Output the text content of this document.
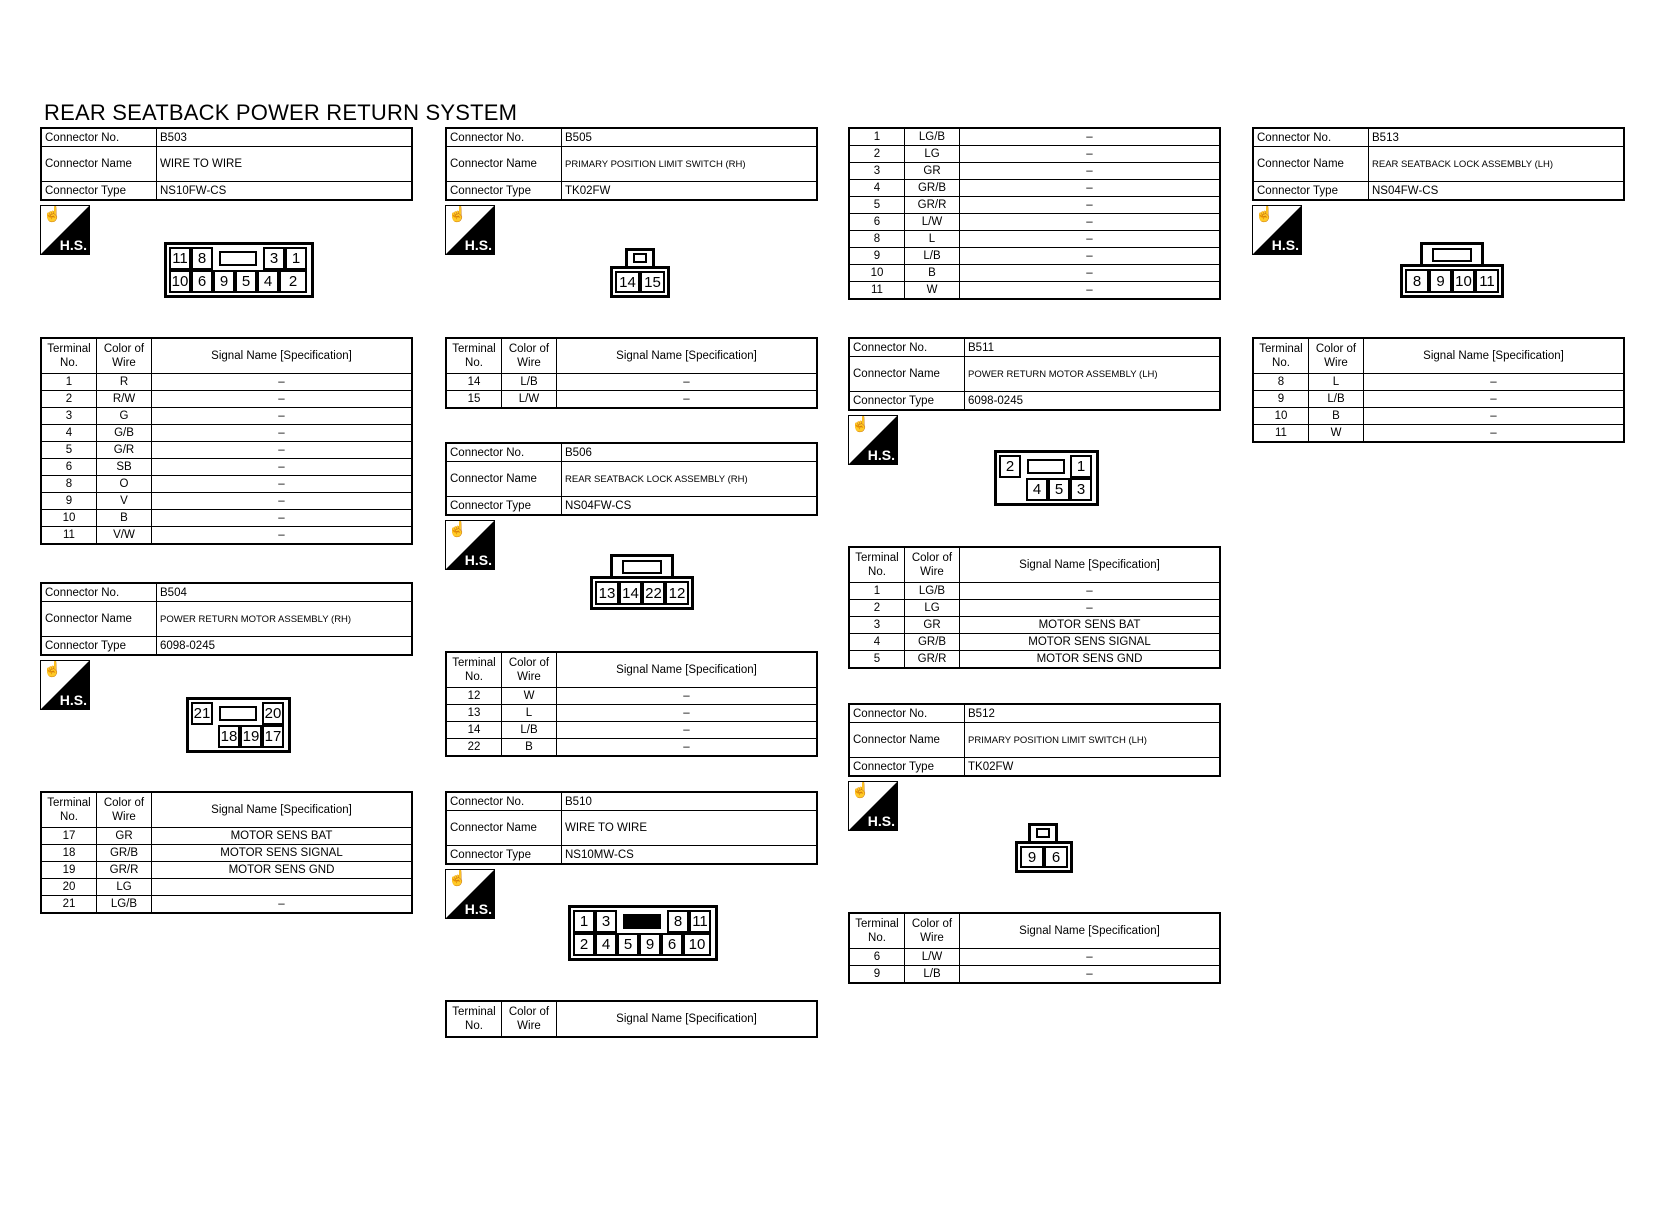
REAR SEATBACK POWER RETURN SYSTEM
Connector No.	B503
Connector Name	WIRE TO WIRE
Connector Type	NS10FW-CS
☝
H.S.
11 8	3 1
10 6 9 5 4	2
Terminal No.	Color of Wire	Signal Name [Specification]
1	R	–
2	R/W	–
3	G	–
4	G/B	–
5	G/R	–
6	SB	–
8	O	–
9	V	–
10	B	–
11	V/W	–
Connector No.	B504
Connector Name	POWER RETURN MOTOR ASSEMBLY (RH)
Connector Type	6098-0245
☝
H.S.
21	20
18 19 17
Terminal No.	Color of Wire	Signal Name [Specification]
17	GR	MOTOR SENS BAT
18	GR/B	MOTOR SENS SIGNAL
19	GR/R	MOTOR SENS GND
20	LG	
21	LG/B	–
Connector No.	B505
Connector Name	PRIMARY POSITION LIMIT SWITCH (RH)
Connector Type	TK02FW
☝
H.S.
14 15
Terminal No.	Color of Wire	Signal Name [Specification]
14	L/B	–
15	L/W	–
Connector No.	B506
Connector Name	REAR SEATBACK LOCK ASSEMBLY (RH)
Connector Type	NS04FW-CS
☝
H.S.
13 14 22 12
Terminal No.	Color of Wire	Signal Name [Specification]
12	W	–
13	L	–
14	L/B	–
22	B	–
Connector No.	B510
Connector Name	WIRE TO WIRE
Connector Type	NS10MW-CS
☝
H.S.
1 3	8 11
2 4 5 9 6 10
Terminal No.	Color of Wire	Signal Name [Specification]
1	LG/B	–
2	LG	–
3	GR	–
4	GR/B	–
5	GR/R	–
6	L/W	–
8	L	–
9	L/B	–
10	B	–
11	W	–
Connector No.	B511
Connector Name	POWER RETURN MOTOR ASSEMBLY (LH)
Connector Type	6098-0245
☝
H.S.
2	1
4 5 3
Terminal No.	Color of Wire	Signal Name [Specification]
1	LG/B	–
2	LG	–
3	GR	MOTOR SENS BAT
4	GR/B	MOTOR SENS SIGNAL
5	GR/R	MOTOR SENS GND
Connector No.	B512
Connector Name	PRIMARY POSITION LIMIT SWITCH (LH)
Connector Type	TK02FW
☝
H.S.
9	6
Terminal No.	Color of Wire	Signal Name [Specification]
6	L/W	–
9	L/B	–
Connector No.	B513
Connector Name	REAR SEATBACK LOCK ASSEMBLY (LH)
Connector Type	NS04FW-CS
☝
H.S.
8	9 10 11
Terminal No.	Color of Wire	Signal Name [Specification]
8	L	–
9	L/B	–
10	B	–
11	W	–
